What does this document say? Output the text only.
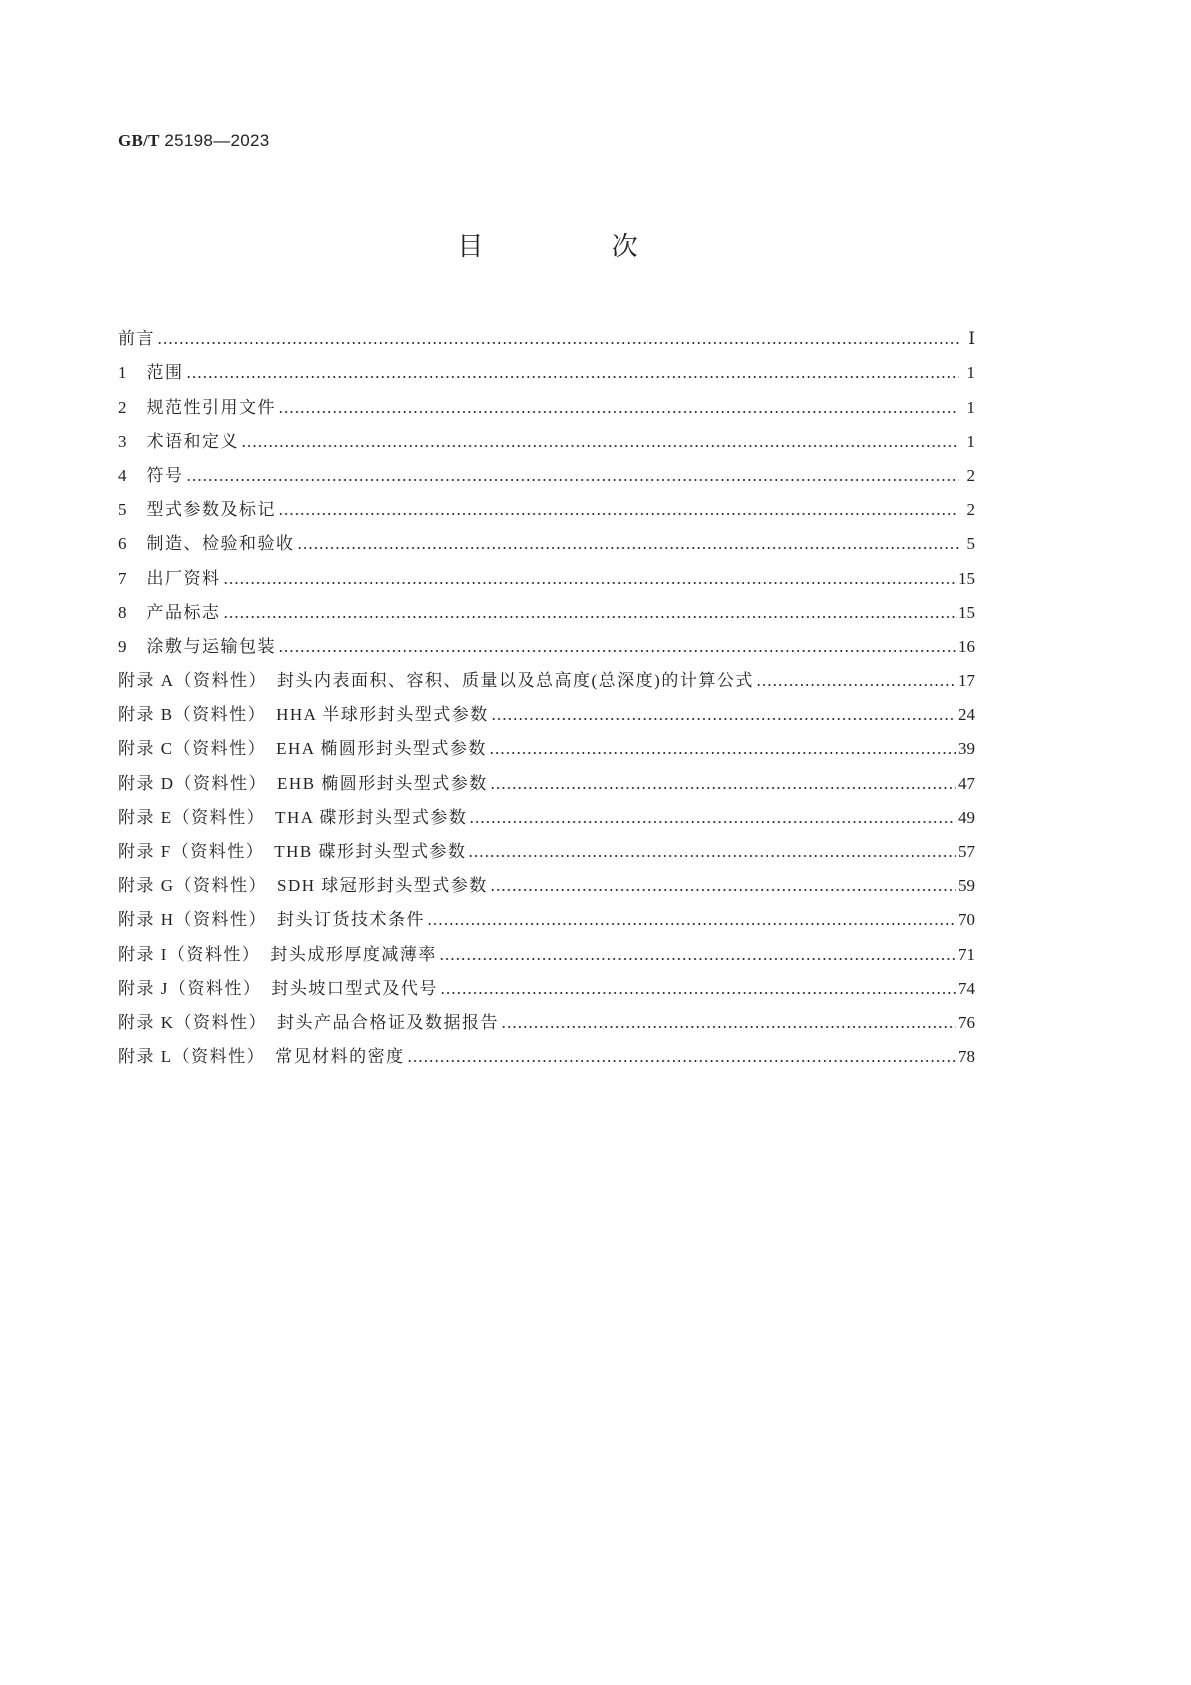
GB/T 25198—2023
目 次
前言	Ⅰ
1　范围	1
2　规范性引用文件	1
3　术语和定义	1
4　符号	2
5　型式参数及标记	2
6　制造、检验和验收	5
7　出厂资料	15
8　产品标志	15
9　涂敷与运输包装	16
附录 A（资料性）　封头内表面积、容积、质量以及总高度(总深度)的计算公式	17
附录 B（资料性）　HHA 半球形封头型式参数	24
附录 C（资料性）　EHA 椭圆形封头型式参数	39
附录 D（资料性）　EHB 椭圆形封头型式参数	47
附录 E（资料性）　THA 碟形封头型式参数	49
附录 F（资料性）　THB 碟形封头型式参数	57
附录 G（资料性）　SDH 球冠形封头型式参数	59
附录 H（资料性）　封头订货技术条件	70
附录 I（资料性）　封头成形厚度减薄率	71
附录 J（资料性）　封头坡口型式及代号	74
附录 K（资料性）　封头产品合格证及数据报告	76
附录 L（资料性）　常见材料的密度	78
